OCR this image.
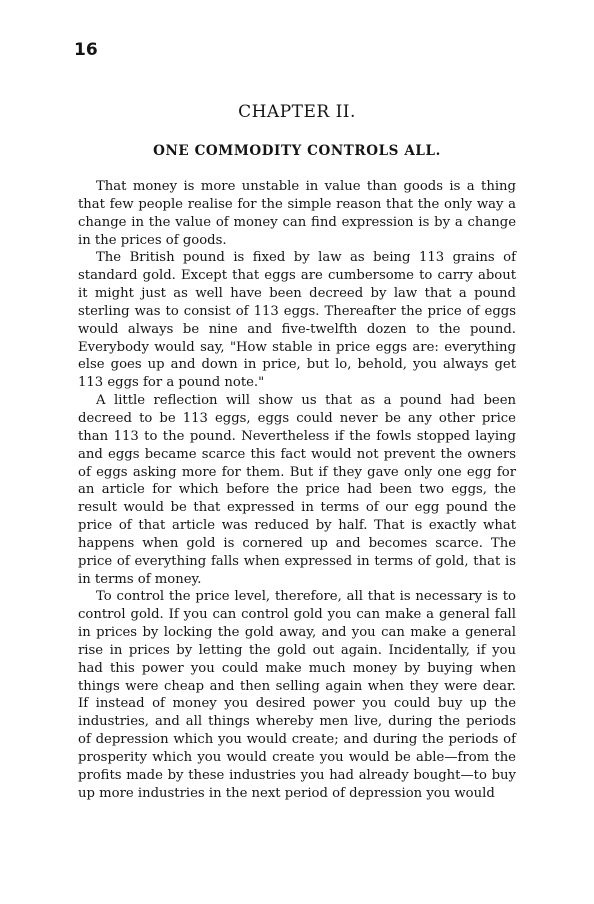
16
CHAPTER II.
ONE COMMODITY CONTROLS ALL.

That money is more unstable in value than goods is a thing that few people realise for the simple reason that the only way a change in the value of money can find expression is by a change in the prices of goods.

The British pound is fixed by law as being 113 grains of standard gold. Except that eggs are cumbersome to carry about it might just as well have been decreed by law that a pound sterling was to consist of 113 eggs. Thereafter the price of eggs would always be nine and five-twelfth dozen to the pound. Everybody would say, "How stable in price eggs are: everything else goes up and down in price, but lo, behold, you always get 113 eggs for a pound note."

A little reflection will show us that as a pound had been decreed to be 113 eggs, eggs could never be any other price than 113 to the pound. Nevertheless if the fowls stopped laying and eggs became scarce this fact would not prevent the owners of eggs asking more for them. But if they gave only one egg for an article for which before the price had been two eggs, the result would be that expressed in terms of our egg pound the price of that article was reduced by half. That is exactly what happens when gold is cornered up and becomes scarce. The price of everything falls when expressed in terms of gold, that is in terms of money.

To control the price level, therefore, all that is necessary is to control gold. If you can control gold you can make a general fall in prices by locking the gold away, and you can make a general rise in prices by letting the gold out again. Incidentally, if you had this power you could make much money by buying when things were cheap and then selling again when they were dear. If instead of money you desired power you could buy up the industries, and all things whereby men live, during the periods of depression which you would create; and during the periods of prosperity which you would create you would be able—from the profits made by these industries you had already bought—to buy up more industries in the next period of depression you would
